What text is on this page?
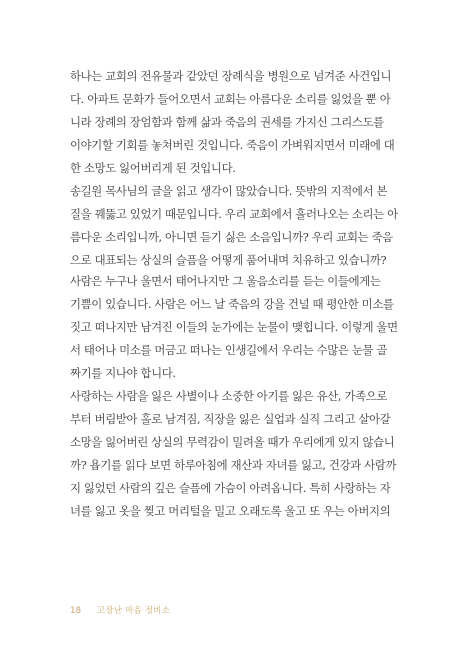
하나는 교회의 전유물과 같았던 장례식을 병원으로 넘겨준 사건입니
다. 아파트 문화가 들어오면서 교회는 아름다운 소리를 잃었을 뿐 아
니라 장례의 장엄함과 함께 삶과 죽음의 권세를 가지신 그리스도를
이야기할 기회를 놓쳐버린 것입니다. 죽음이 가벼워지면서 미래에 대
한 소망도 잃어버리게 된 것입니다.
송길원 목사님의 글을 읽고 생각이 많았습니다. 뜻밖의 지적에서 본
질을 꿰뚫고 있었기 때문입니다. 우리 교회에서 흘러나오는 소리는 아
름다운 소리입니까, 아니면 듣기 싫은 소음입니까? 우리 교회는 죽음
으로 대표되는 상실의 슬픔을 어떻게 품어내며 치유하고 있습니까?
사람은 누구나 울면서 태어나지만 그 울음소리를 듣는 이들에게는
기쁨이 있습니다. 사람은 어느 날 죽음의 강을 건널 때 평안한 미소를
짓고 떠나지만 남겨진 이들의 눈가에는 눈물이 맺힙니다. 이렇게 울면
서 태어나 미소를 머금고 떠나는 인생길에서 우리는 수많은 눈물 골
짜기를 지나야 합니다.
사랑하는 사람을 잃은 사별이나 소중한 아기를 잃은 유산, 가족으로
부터 버림받아 홀로 남겨짐, 직장을 잃은 실업과 실직 그리고 살아갈
소망을 잃어버린 상실의 무력감이 밀려올 때가 우리에게 있지 않습니
까? 욥기를 읽다 보면 하루아침에 재산과 자녀를 잃고, 건강과 사람까
지 잃었던 사람의 깊은 슬픔에 가슴이 아려옵니다. 특히 사랑하는 자
녀를 잃고 옷을 찢고 머리털을 밀고 오래도록 울고 또 우는 아버지의
18 고장난 마음 정비소
